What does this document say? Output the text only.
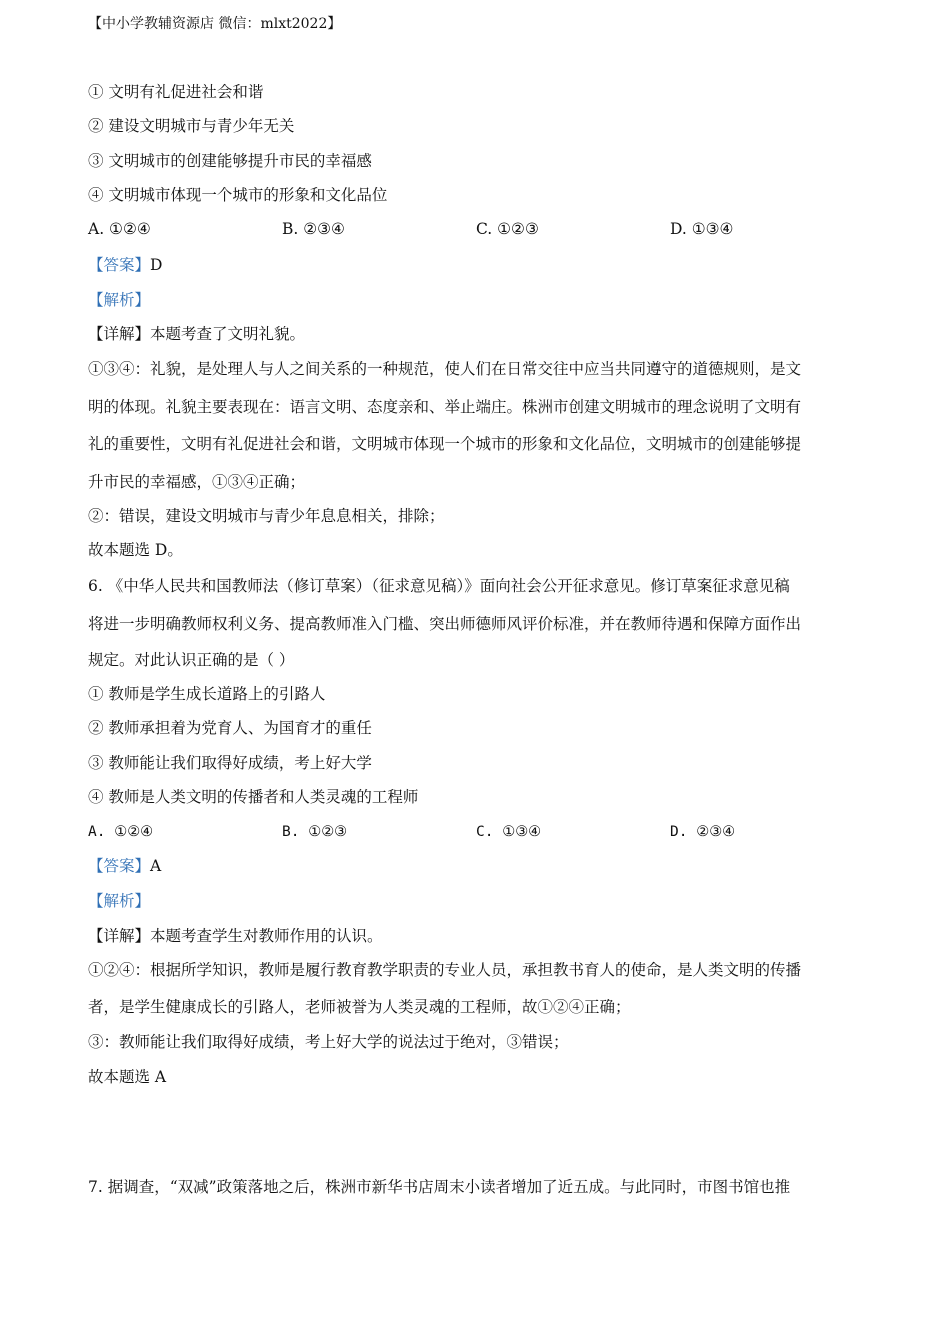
【中小学教辅资源店 微信：mlxt2022】
① 文明有礼促进社会和谐
② 建设文明城市与青少年无关
③ 文明城市的创建能够提升市民的幸福感
④ 文明城市体现一个城市的形象和文化品位
A. ①②④	B. ②③④	C. ①②③	D. ①③④
【答案】D
【解析】
【详解】本题考查了文明礼貌。
①③④：礼貌，是处理人与人之间关系的一种规范，使人们在日常交往中应当共同遵守的道德规则，是文
明的体现。礼貌主要表现在：语言文明、态度亲和、举止端庄。株洲市创建文明城市的理念说明了文明有
礼的重要性，文明有礼促进社会和谐，文明城市体现一个城市的形象和文化品位，文明城市的创建能够提
升市民的幸福感，①③④正确；
②：错误，建设文明城市与青少年息息相关，排除；
故本题选 D。
6. 《中华人民共和国教师法（修订草案）（征求意见稿）》面向社会公开征求意见。修订草案征求意见稿
将进一步明确教师权利义务、提高教师准入门槛、突出师德师风评价标准，并在教师待遇和保障方面作出
规定。对此认识正确的是（ ）
① 教师是学生成长道路上的引路人
② 教师承担着为党育人、为国育才的重任
③ 教师能让我们取得好成绩，考上好大学
④ 教师是人类文明的传播者和人类灵魂的工程师
A. ①②④	B. ①②③	C. ①③④	D. ②③④
【答案】A
【解析】
【详解】本题考查学生对教师作用的认识。
①②④：根据所学知识，教师是履行教育教学职责的专业人员，承担教书育人的使命，是人类文明的传播
者，是学生健康成长的引路人，老师被誉为人类灵魂的工程师，故①②④正确；
③：教师能让我们取得好成绩，考上好大学的说法过于绝对，③错误；
故本题选 A
7. 据调查，“双减”政策落地之后，株洲市新华书店周末小读者增加了近五成。与此同时，市图书馆也推
